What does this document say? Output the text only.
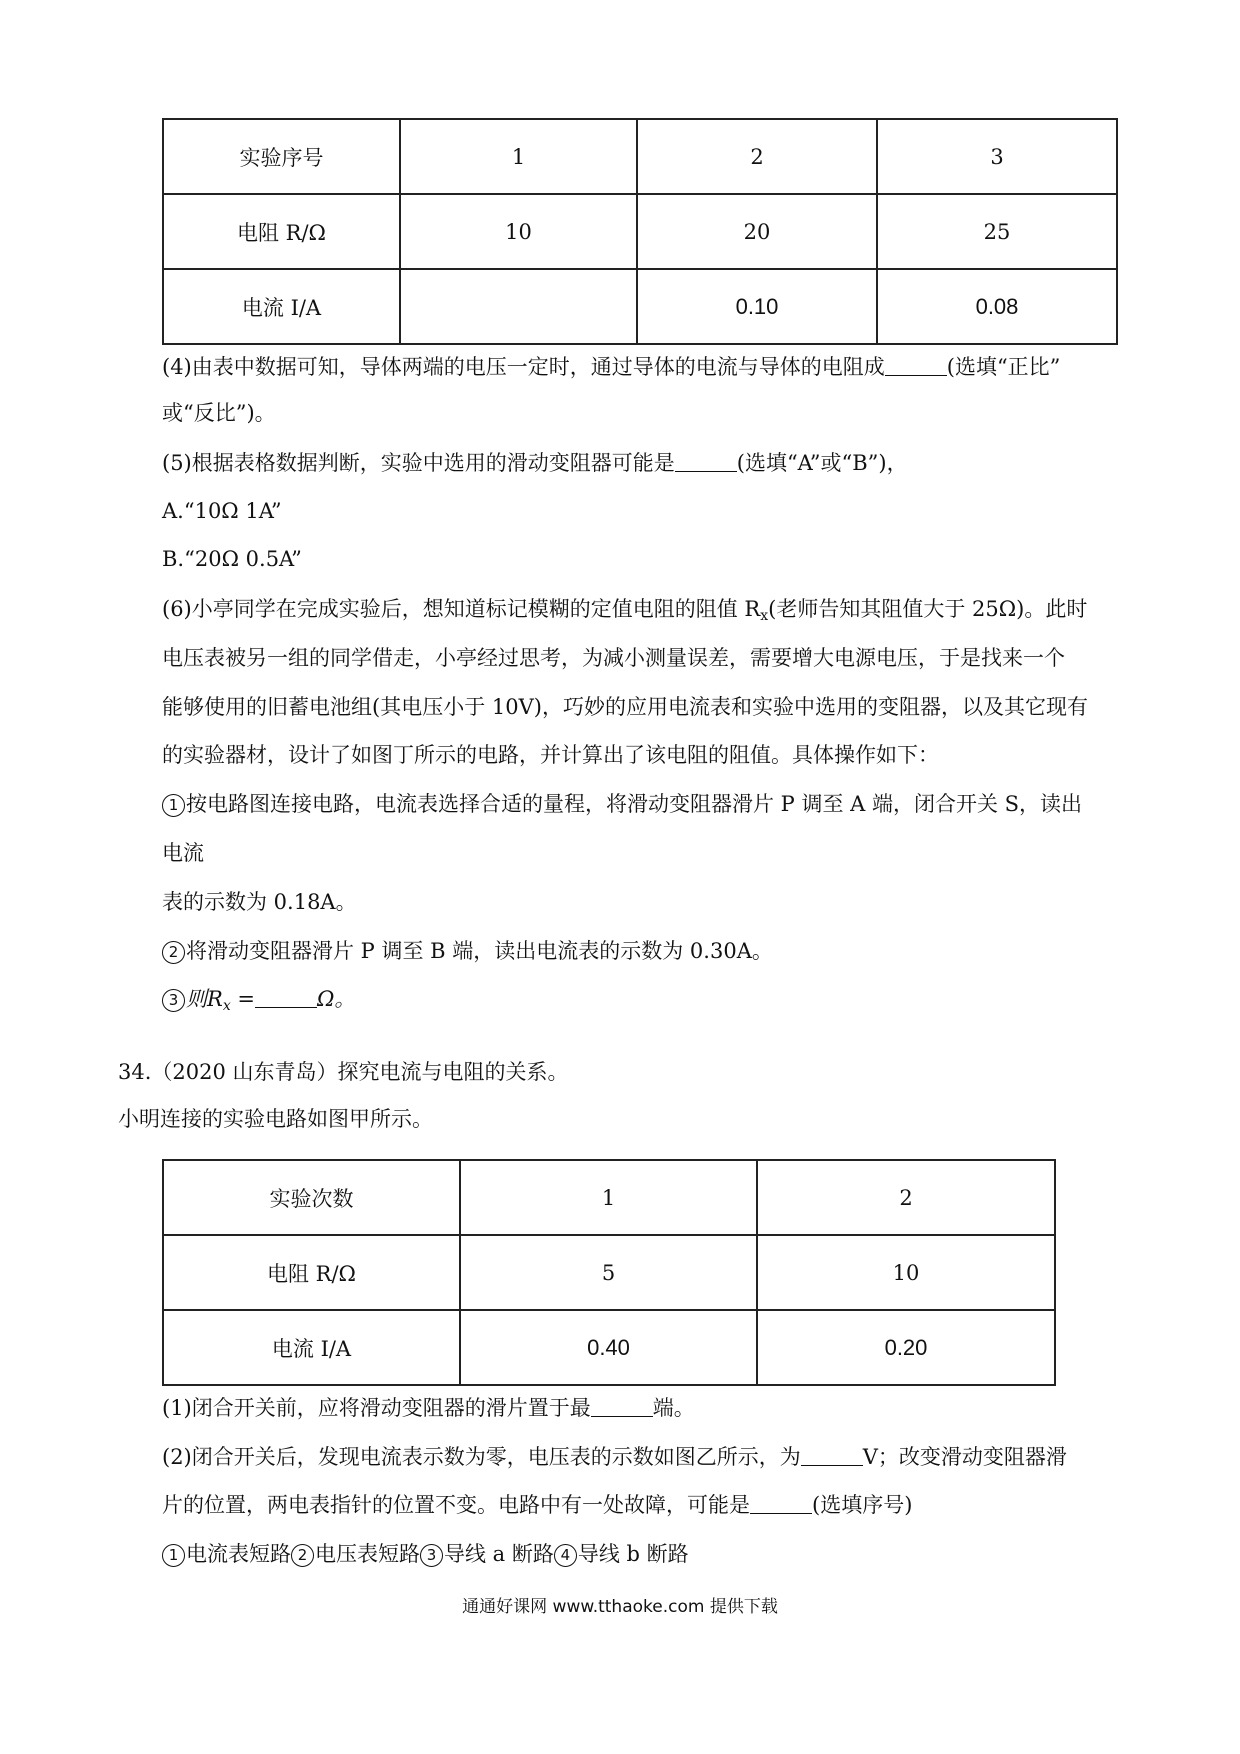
实验序号	1	2	3
电阻 R/Ω	10	20	25
电流 I/A		0.10	0.08
(4)由表中数据可知，导体两端的电压一定时，通过导体的电流与导体的电阻成	(选填“正比”
或“反比”)。
(5)根据表格数据判断，实验中选用的滑动变阻器可能是	(选填“A”或“B”)，
A.“10Ω 1A”
B.“20Ω 0.5A”
(6)小亭同学在完成实验后，想知道标记模糊的定值电阻的阻值 $R_x$(老师告知其阻值大于 25Ω)。此时
电压表被另一组的同学借走，小亭经过思考，为减小测量误差，需要增大电源电压，于是找来一个
能够使用的旧蓄电池组(其电压小于 10V)，巧妙的应用电流表和实验中选用的变阻器，以及其它现有
的实验器材，设计了如图丁所示的电路，并计算出了该电阻的阻值。具体操作如下：
1 按电路图连接电路，电流表选择合适的量程，将滑动变阻器滑片 P 调至 A 端，闭合开关 S，读出
电流
表的示数为 0.18A。
2 将滑动变阻器滑片 P 调至 B 端，读出电流表的示数为 0.30A。
3 则$R_x$ =	Ω。
34.（2020 山东青岛）探究电流与电阻的关系。
小明连接的实验电路如图甲所示。
实验次数	1	2
电阻 R/Ω	5	10
电流 I/A	0.40	0.20
(1)闭合开关前，应将滑动变阻器的滑片置于最	端。
(2)闭合开关后，发现电流表示数为零，电压表的示数如图乙所示，为	V；改变滑动变阻器滑
片的位置，两电表指针的位置不变。电路中有一处故障，可能是	(选填序号)
1 电流表短路 2 电压表短路 3 导线 a 断路 4 导线 b 断路
通通好课网 www.tthaoke.com 提供下载
